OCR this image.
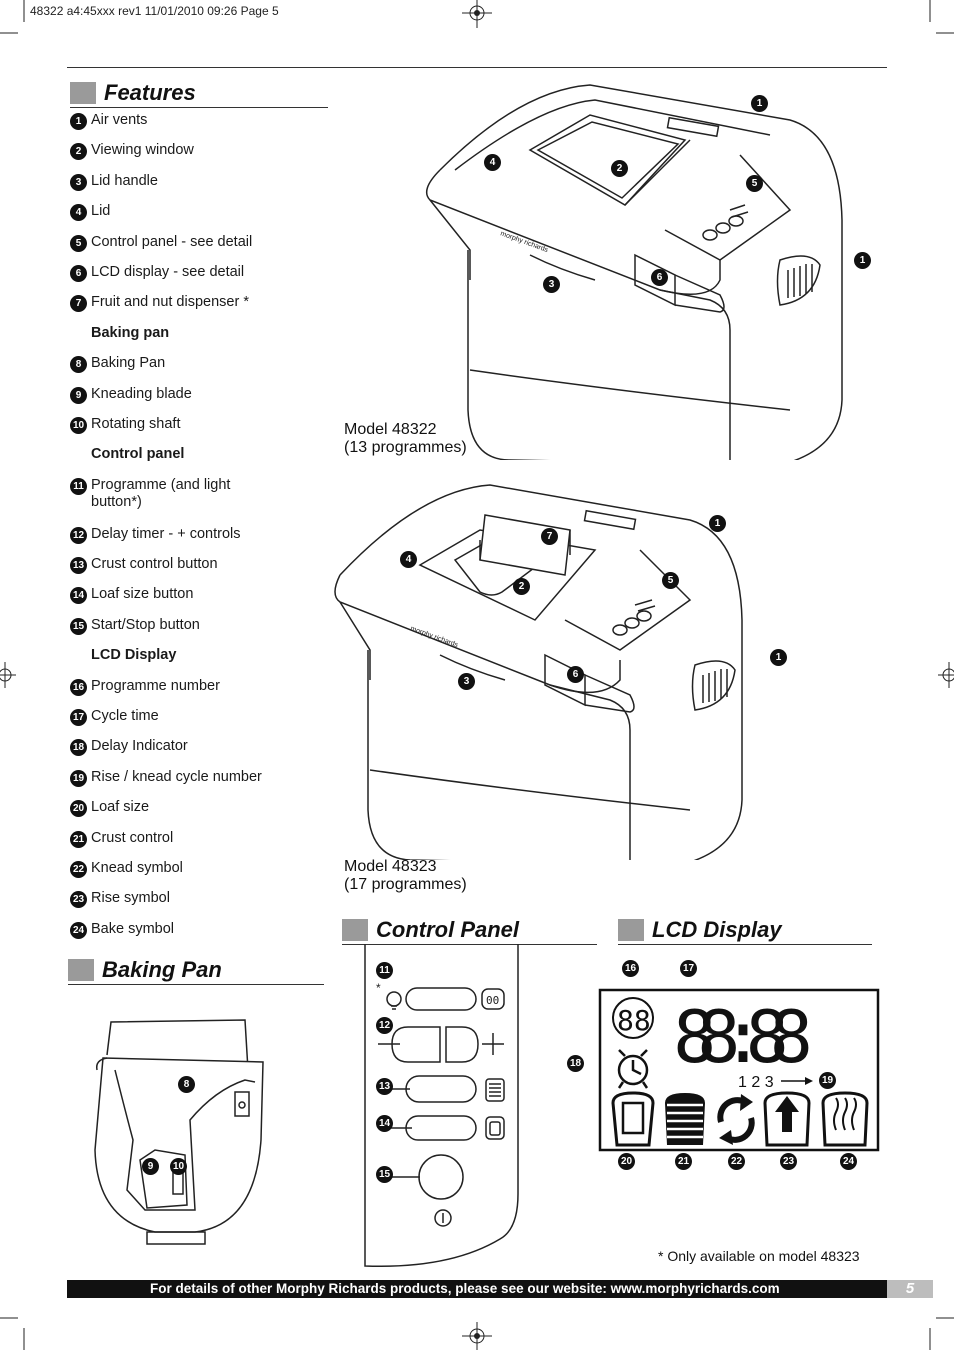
48322 a4:45xxx rev1 11/01/2010 09:26 Page 5
Features
1 Air vents
2 Viewing window
3 Lid handle
4 Lid
5 Control panel - see detail
6 LCD display - see detail
7 Fruit and nut dispenser *
Baking pan
8 Baking Pan
9 Kneading blade
10 Rotating shaft
Control panel
11 Programme (and light button*)
12 Delay timer - + controls
13 Crust control button
14 Loaf size button
15 Start/Stop button
LCD Display
16 Programme number
17 Cycle time
18 Delay Indicator
19 Rise / knead cycle number
20 Loaf size
21 Crust control
22 Knead symbol
23 Rise symbol
24 Bake symbol
Baking Pan
8
9	10
morphy richards
1
4
2
5
1
6
3
Model 48322
(13 programmes)
morphy richards
1
7
4
5
2
1
6
3
Model 48323
(17 programmes)
Control Panel	LCD Display
00
*
11
12
13
14
15
88 88:88
1 2 3
16	17
18
19
20	21	22	23	24
* Only available on model 48323
For details of other Morphy Richards products, please see our website: www.morphyrichards.com	5
